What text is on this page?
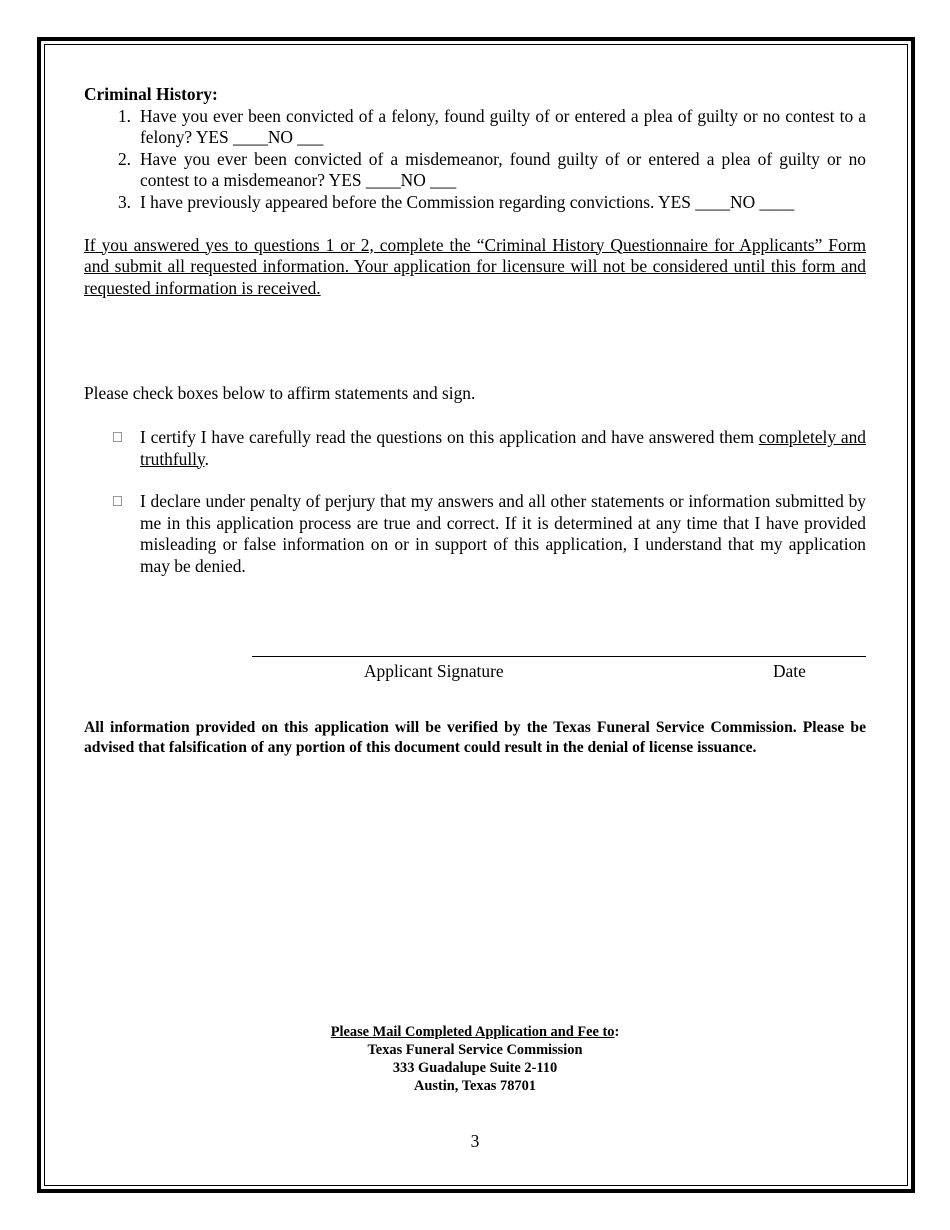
Criminal History:

1. Have you ever been convicted of a felony, found guilty of or entered a plea of guilty or no contest to a felony? YES ____NO ___
2. Have you ever been convicted of a misdemeanor, found guilty of or entered a plea of guilty or no contest to a misdemeanor? YES ____NO ___
3. I have previously appeared before the Commission regarding convictions. YES ____NO ____
If you answered yes to questions 1 or 2, complete the “Criminal History Questionnaire for Applicants” Form and submit all requested information. Your application for licensure will not be considered until this form and requested information is received.
Please check boxes below to affirm statements and sign.
I certify I have carefully read the questions on this application and have answered them completely and truthfully.
I declare under penalty of perjury that my answers and all other statements or information submitted by me in this application process are true and correct. If it is determined at any time that I have provided misleading or false information on or in support of this application, I understand that my application may be denied.
Applicant Signature	Date
All information provided on this application will be verified by the Texas Funeral Service Commission. Please be advised that falsification of any portion of this document could result in the denial of license issuance.
Please Mail Completed Application and Fee to:
Texas Funeral Service Commission
333 Guadalupe Suite 2-110
Austin, Texas 78701
3
